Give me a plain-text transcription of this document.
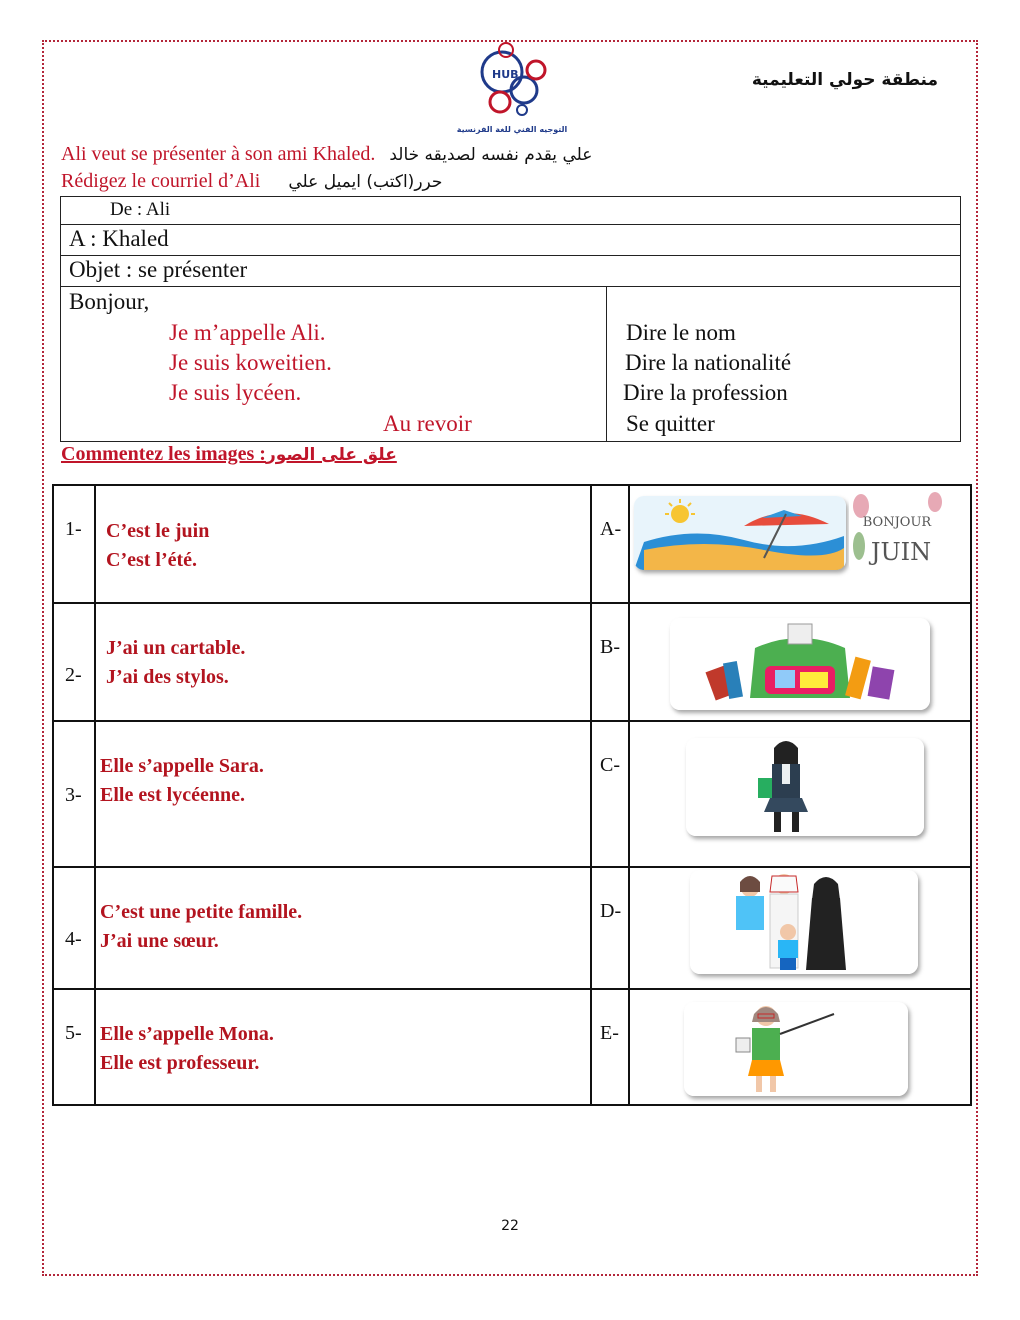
HUB
التوجيه الفني للغة الفرنسية
منطقة حولي التعليمية
Ali veut se présenter à son ami Khaled. علي يقدم نفسه لصديقه خالد
Rédigez le courriel d’Ali حرر(اكتب) ايميل علي
De : Ali
A : Khaled
Objet : se présenter
Bonjour,
Je m’appelle Ali.
Je suis koweitien.
Je suis lycéen.
Au revoir
Dire le nom
Dire la nationalité
Dire la profession
Se quitter
Commentez les images :علق على الصور
1- C’est le juin
C’est l’été.
A-	BONJOUR
JUIN
2-
J’ai un cartable.
J’ai des stylos.
B-
3-
Elle s’appelle Sara.
Elle est lycéenne.
C-
4-
C’est une petite famille.
J’ai une sœur.
D-
5- Elle s’appelle Mona.
Elle est professeur.
E-
22
